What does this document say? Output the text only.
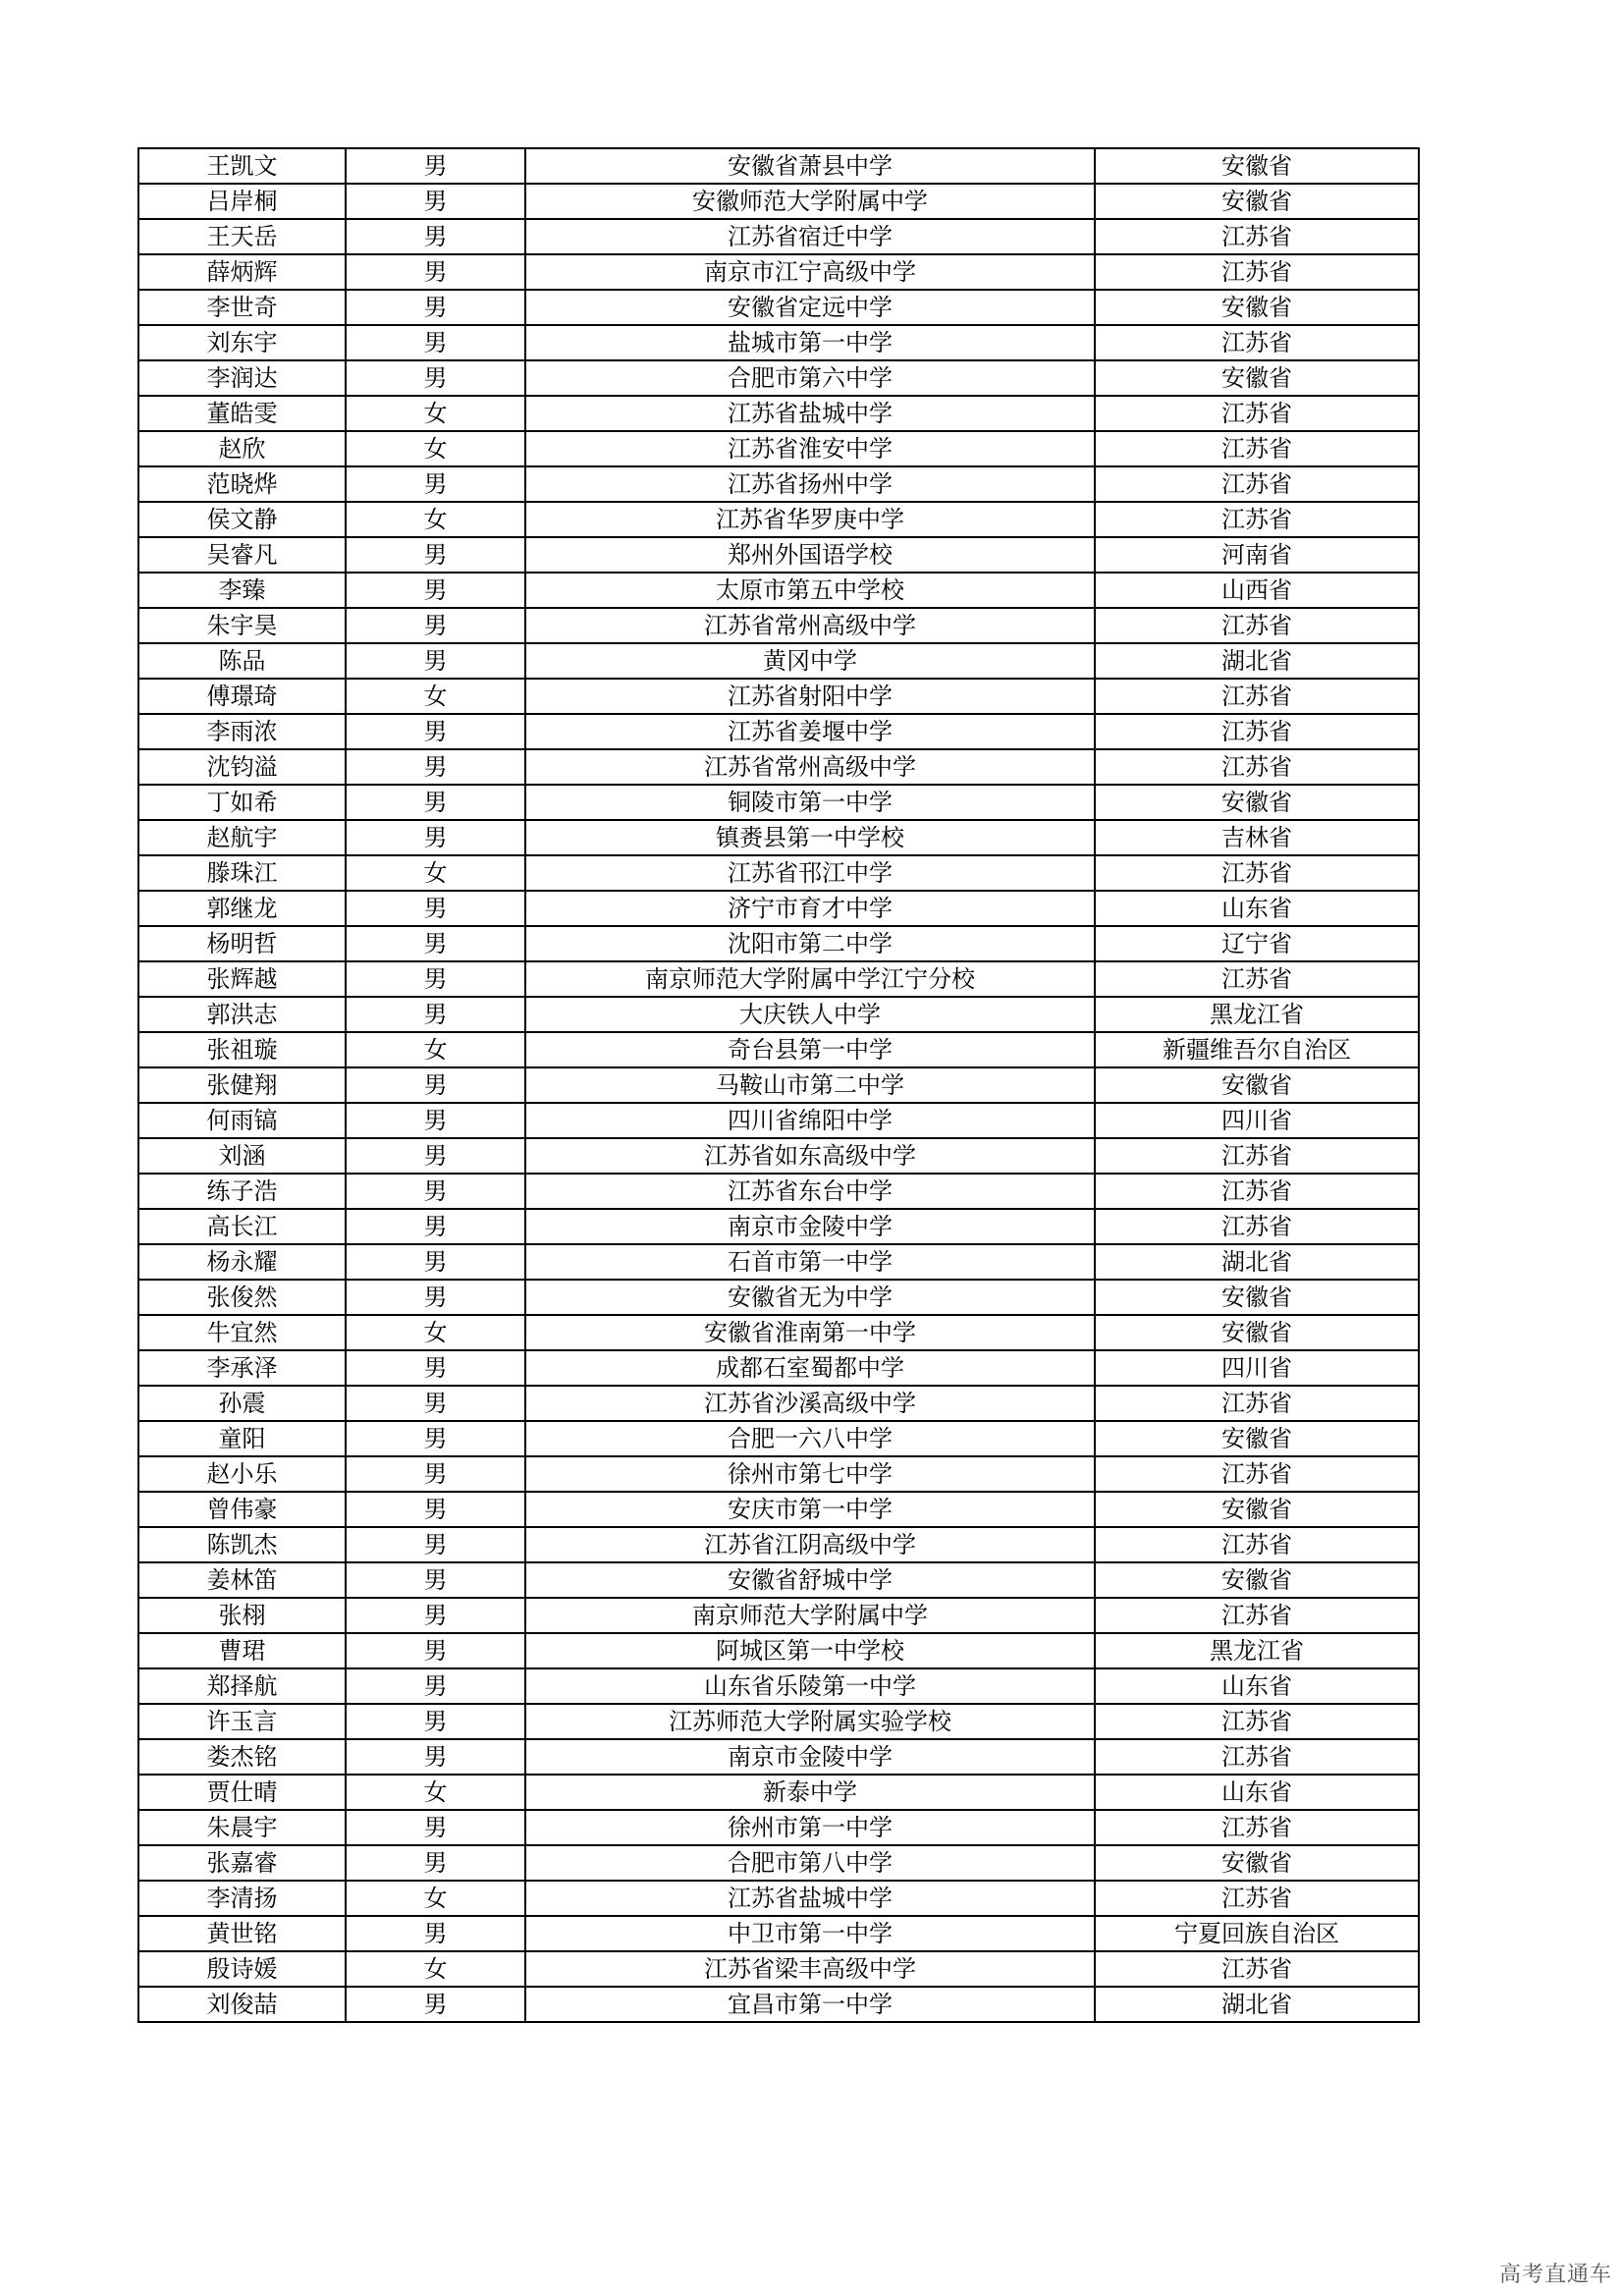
王凯文	男	安徽省萧县中学	安徽省
吕岸桐	男	安徽师范大学附属中学	安徽省
王天岳	男	江苏省宿迁中学	江苏省
薛炳辉	男	南京市江宁高级中学	江苏省
李世奇	男	安徽省定远中学	安徽省
刘东宇	男	盐城市第一中学	江苏省
李润达	男	合肥市第六中学	安徽省
董皓雯	女	江苏省盐城中学	江苏省
赵欣	女	江苏省淮安中学	江苏省
范晓烨	男	江苏省扬州中学	江苏省
侯文静	女	江苏省华罗庚中学	江苏省
吴睿凡	男	郑州外国语学校	河南省
李臻	男	太原市第五中学校	山西省
朱宇昊	男	江苏省常州高级中学	江苏省
陈品	男	黄冈中学	湖北省
傅璟琦	女	江苏省射阳中学	江苏省
李雨浓	男	江苏省姜堰中学	江苏省
沈钧溢	男	江苏省常州高级中学	江苏省
丁如希	男	铜陵市第一中学	安徽省
赵航宇	男	镇赉县第一中学校	吉林省
滕珠江	女	江苏省邗江中学	江苏省
郭继龙	男	济宁市育才中学	山东省
杨明哲	男	沈阳市第二中学	辽宁省
张辉越	男	南京师范大学附属中学江宁分校	江苏省
郭洪志	男	大庆铁人中学	黑龙江省
张祖璇	女	奇台县第一中学	新疆维吾尔自治区
张健翔	男	马鞍山市第二中学	安徽省
何雨镐	男	四川省绵阳中学	四川省
刘涵	男	江苏省如东高级中学	江苏省
练子浩	男	江苏省东台中学	江苏省
高长江	男	南京市金陵中学	江苏省
杨永耀	男	石首市第一中学	湖北省
张俊然	男	安徽省无为中学	安徽省
牛宜然	女	安徽省淮南第一中学	安徽省
李承泽	男	成都石室蜀都中学	四川省
孙震	男	江苏省沙溪高级中学	江苏省
童阳	男	合肥一六八中学	安徽省
赵小乐	男	徐州市第七中学	江苏省
曾伟豪	男	安庆市第一中学	安徽省
陈凯杰	男	江苏省江阴高级中学	江苏省
姜林笛	男	安徽省舒城中学	安徽省
张栩	男	南京师范大学附属中学	江苏省
曹珺	男	阿城区第一中学校	黑龙江省
郑择航	男	山东省乐陵第一中学	山东省
许玉言	男	江苏师范大学附属实验学校	江苏省
娄杰铭	男	南京市金陵中学	江苏省
贾仕晴	女	新泰中学	山东省
朱晨宇	男	徐州市第一中学	江苏省
张嘉睿	男	合肥市第八中学	安徽省
李清扬	女	江苏省盐城中学	江苏省
黄世铭	男	中卫市第一中学	宁夏回族自治区
殷诗媛	女	江苏省梁丰高级中学	江苏省
刘俊喆	男	宜昌市第一中学	湖北省
高考直通车
